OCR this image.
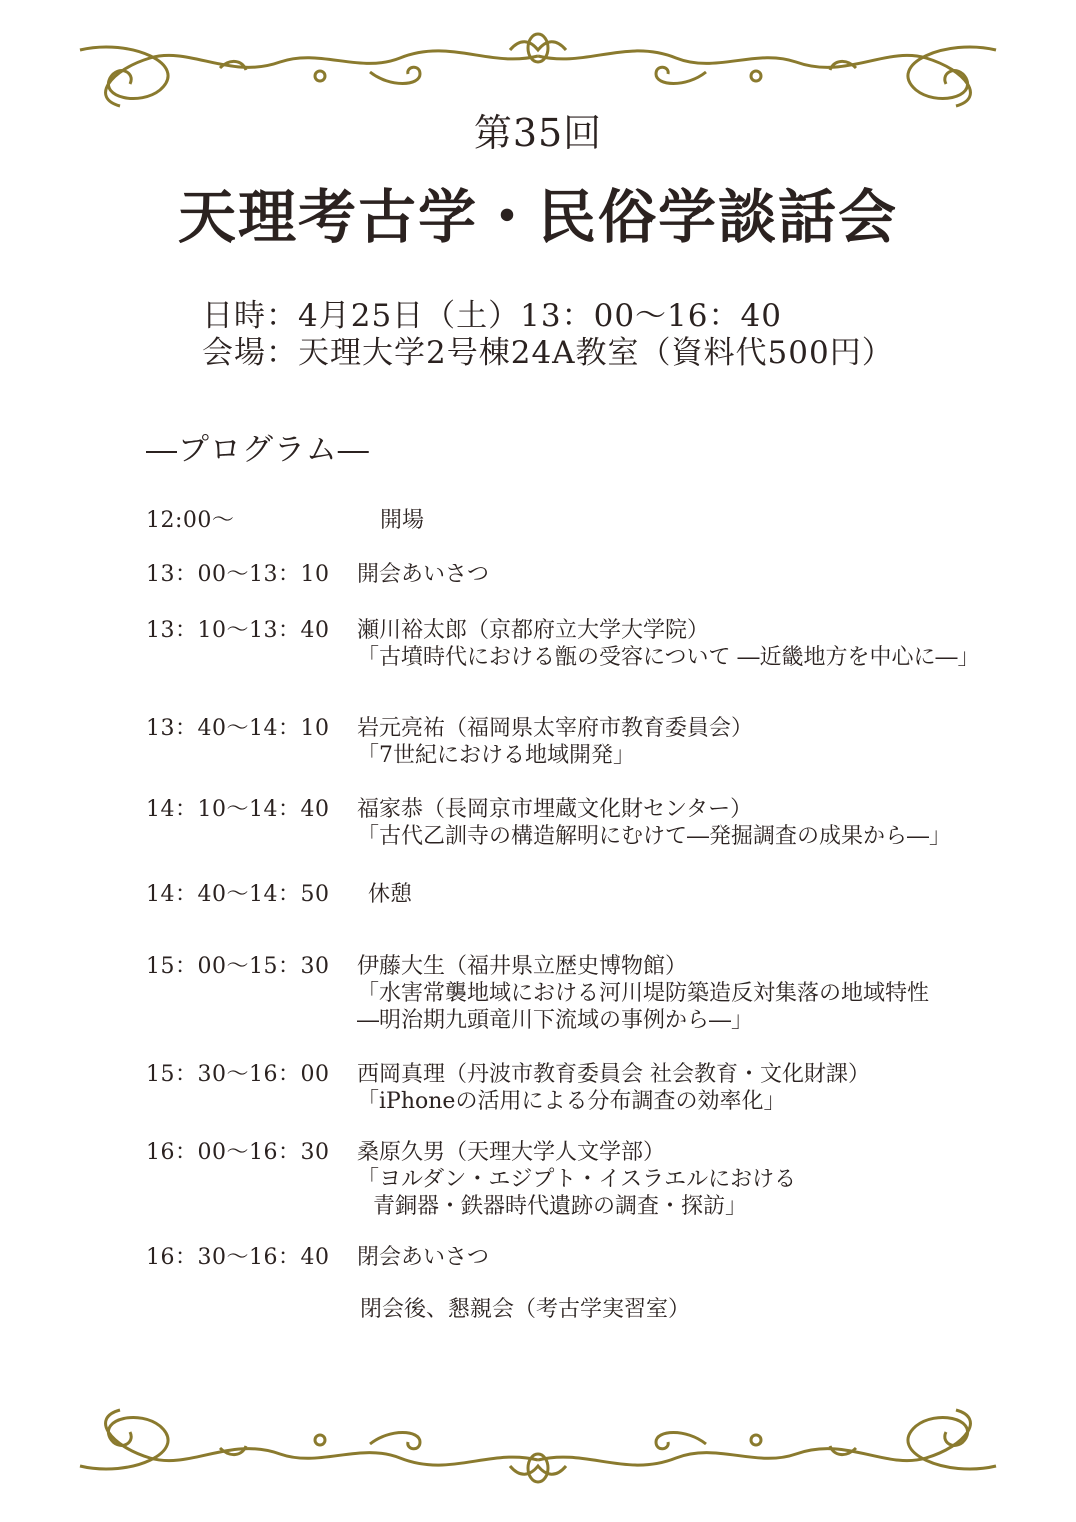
第35回
天理考古学・民俗学談話会
日時：4月25日（土）13：00〜16：40
会場：天理大学2号棟24A教室（資料代500円）
―プログラム―
12:00〜	開場
13：00〜13：10 開会あいさつ
13：10〜13：40 瀬川裕太郎（京都府立大学大学院）
「古墳時代における甑の受容について ―近畿地方を中心に―」
13：40〜14：10 岩元亮祐（福岡県太宰府市教育委員会）
「7世紀における地域開発」
14：10〜14：40 福家恭（長岡京市埋蔵文化財センター）
「古代乙訓寺の構造解明にむけて―発掘調査の成果から―」
14：40〜14：50 休憩
15：00〜15：30 伊藤大生（福井県立歴史博物館）
「水害常襲地域における河川堤防築造反対集落の地域特性
―明治期九頭竜川下流域の事例から―」
15：30〜16：00 西岡真理（丹波市教育委員会 社会教育・文化財課）
「iPhoneの活用による分布調査の効率化」
16：00〜16：30 桑原久男（天理大学人文学部）
「ヨルダン・エジプト・イスラエルにおける
青銅器・鉄器時代遺跡の調査・探訪」
16：30〜16：40 閉会あいさつ
閉会後、懇親会（考古学実習室）
